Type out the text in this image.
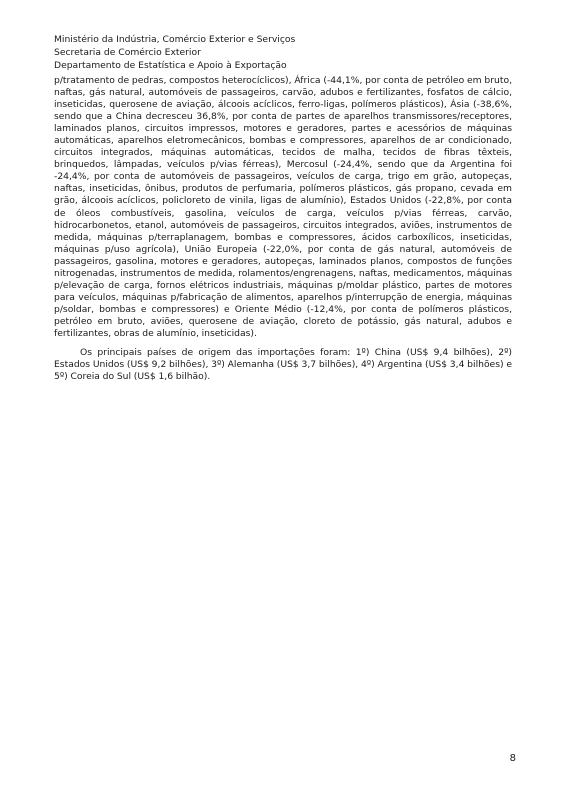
Ministério da Indústria, Comércio Exterior e Serviços
Secretaria de Comércio Exterior
Departamento de Estatística e Apoio à Exportação

p/tratamento de pedras, compostos heterocíclicos), África (-44,1%, por conta de petróleo em bruto, naftas, gás natural, automóveis de passageiros, carvão, adubos e fertilizantes, fosfatos de cálcio, inseticidas, querosene de aviação, álcoois acíclicos, ferro-ligas, polímeros plásticos), Ásia (-38,6%, sendo que a China decresceu 36,8%, por conta de partes de aparelhos transmissores/receptores, laminados planos, circuitos impressos, motores e geradores, partes e acessórios de máquinas automáticas, aparelhos eletromecânicos, bombas e compressores, aparelhos de ar condicionado, circuitos integrados, máquinas automáticas, tecidos de malha, tecidos de fibras têxteis, brinquedos, lâmpadas, veículos p/vias férreas), Mercosul (-24,4%, sendo que da Argentina foi -24,4%, por conta de automóveis de passageiros, veículos de carga, trigo em grão, autopeças, naftas, inseticidas, ônibus, produtos de perfumaria, polímeros plásticos, gás propano, cevada em grão, álcoois acíclicos, policloreto de vinila, ligas de alumínio), Estados Unidos (-22,8%, por conta de óleos combustíveis, gasolina, veículos de carga, veículos p/vias férreas, carvão, hidrocarbonetos, etanol, automóveis de passageiros, circuitos integrados, aviões, instrumentos de medida, máquinas p/terraplanagem, bombas e compressores, ácidos carboxílicos, inseticidas, máquinas p/uso agrícola), União Europeia (-22,0%, por conta de gás natural, automóveis de passageiros, gasolina, motores e geradores, autopeças, laminados planos, compostos de funções nitrogenadas, instrumentos de medida, rolamentos/engrenagens, naftas, medicamentos, máquinas p/elevação de carga, fornos elétricos industriais, máquinas p/moldar plástico, partes de motores para veículos, máquinas p/fabricação de alimentos, aparelhos p/interrupção de energia, máquinas p/soldar, bombas e compressores) e Oriente Médio (-12,4%, por conta de polímeros plásticos, petróleo em bruto, aviões, querosene de aviação, cloreto de potássio, gás natural, adubos e fertilizantes, obras de alumínio, inseticidas).

Os principais países de origem das importações foram: 1º) China (US$ 9,4 bilhões), 2º) Estados Unidos (US$ 9,2 bilhões), 3º) Alemanha (US$ 3,7 bilhões), 4º) Argentina (US$ 3,4 bilhões) e 5º) Coreia do Sul (US$ 1,6 bilhão).

8
